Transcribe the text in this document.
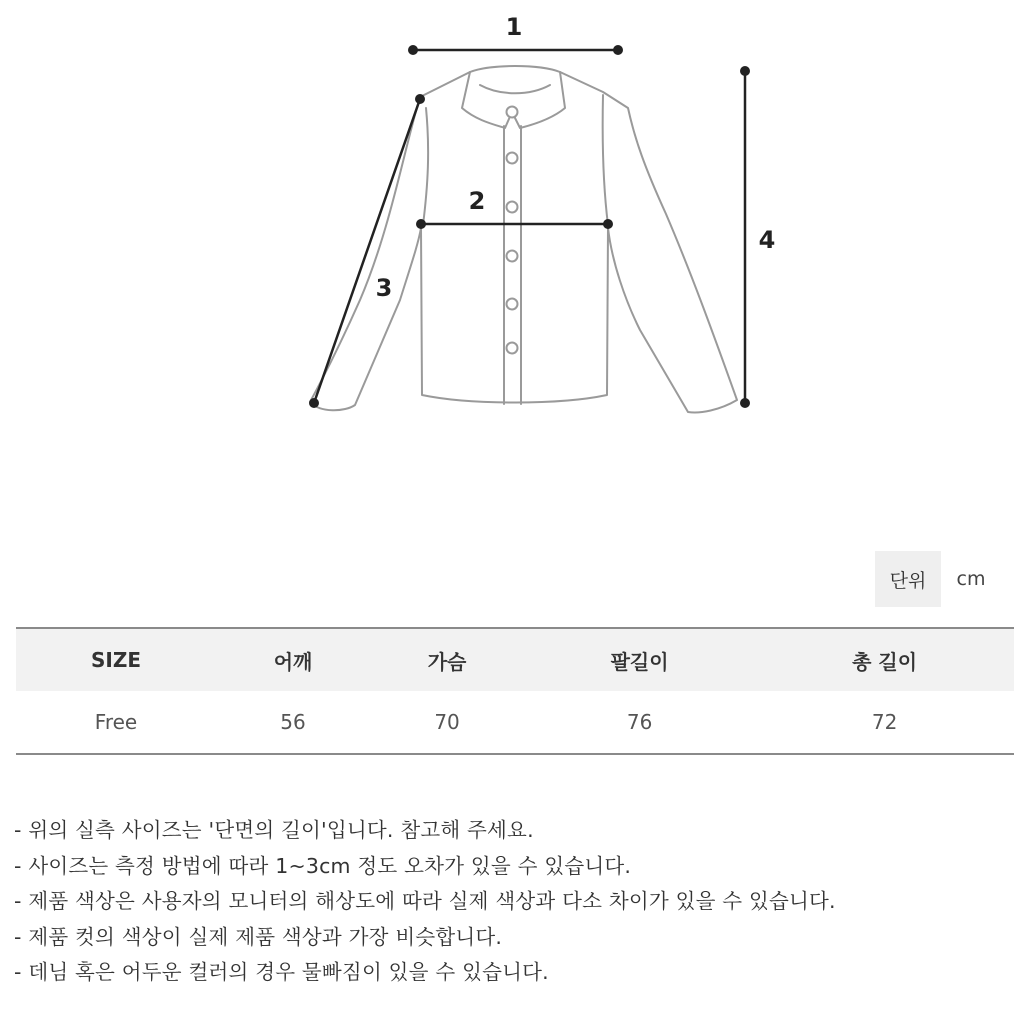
1
2
3
4
단위	cm
SIZE	어깨	가슴	팔길이	총 길이
Free	56	70	76	72
- 위의 실측 사이즈는 '단면의 길이'입니다. 참고해 주세요.
- 사이즈는 측정 방법에 따라 1~3cm 정도 오차가 있을 수 있습니다.
- 제품 색상은 사용자의 모니터의 해상도에 따라 실제 색상과 다소 차이가 있을 수 있습니다.
- 제품 컷의 색상이 실제 제품 색상과 가장 비슷합니다.
- 데님 혹은 어두운 컬러의 경우 물빠짐이 있을 수 있습니다.
